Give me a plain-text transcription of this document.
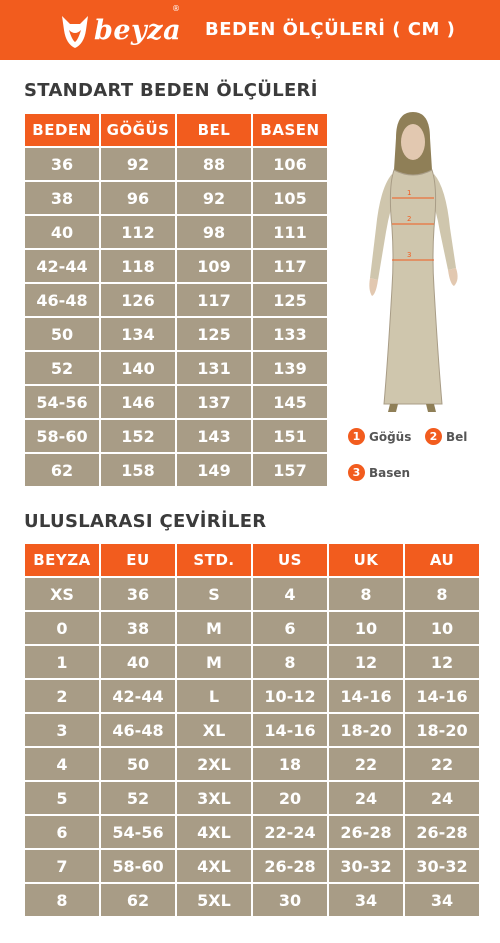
beyza
®
BEDEN ÖLÇÜLERİ ( CM )
STANDART BEDEN ÖLÇÜLERİ
BEDEN	GÖĞÜS	BEL	BASEN
36	92	88	106
38	96	92	105
40	112	98	111
42-44	118	109	117
46-48	126	117	125
50	134	125	133
52	140	131	139
54-56	146	137	145
58-60	152	143	151
62	158	149	157
1
2
3
1 Göğüs	2 Bel
3 Basen
ULUSLARASI ÇEVİRİLER
BEYZA	EU	STD.	US	UK	AU
XS	36	S	4	8	8
0	38	M	6	10	10
1	40	M	8	12	12
2	42-44	L	10-12	14-16	14-16
3	46-48	XL	14-16	18-20	18-20
4	50	2XL	18	22	22
5	52	3XL	20	24	24
6	54-56	4XL	22-24	26-28	26-28
7	58-60	4XL	26-28	30-32	30-32
8	62	5XL	30	34	34
